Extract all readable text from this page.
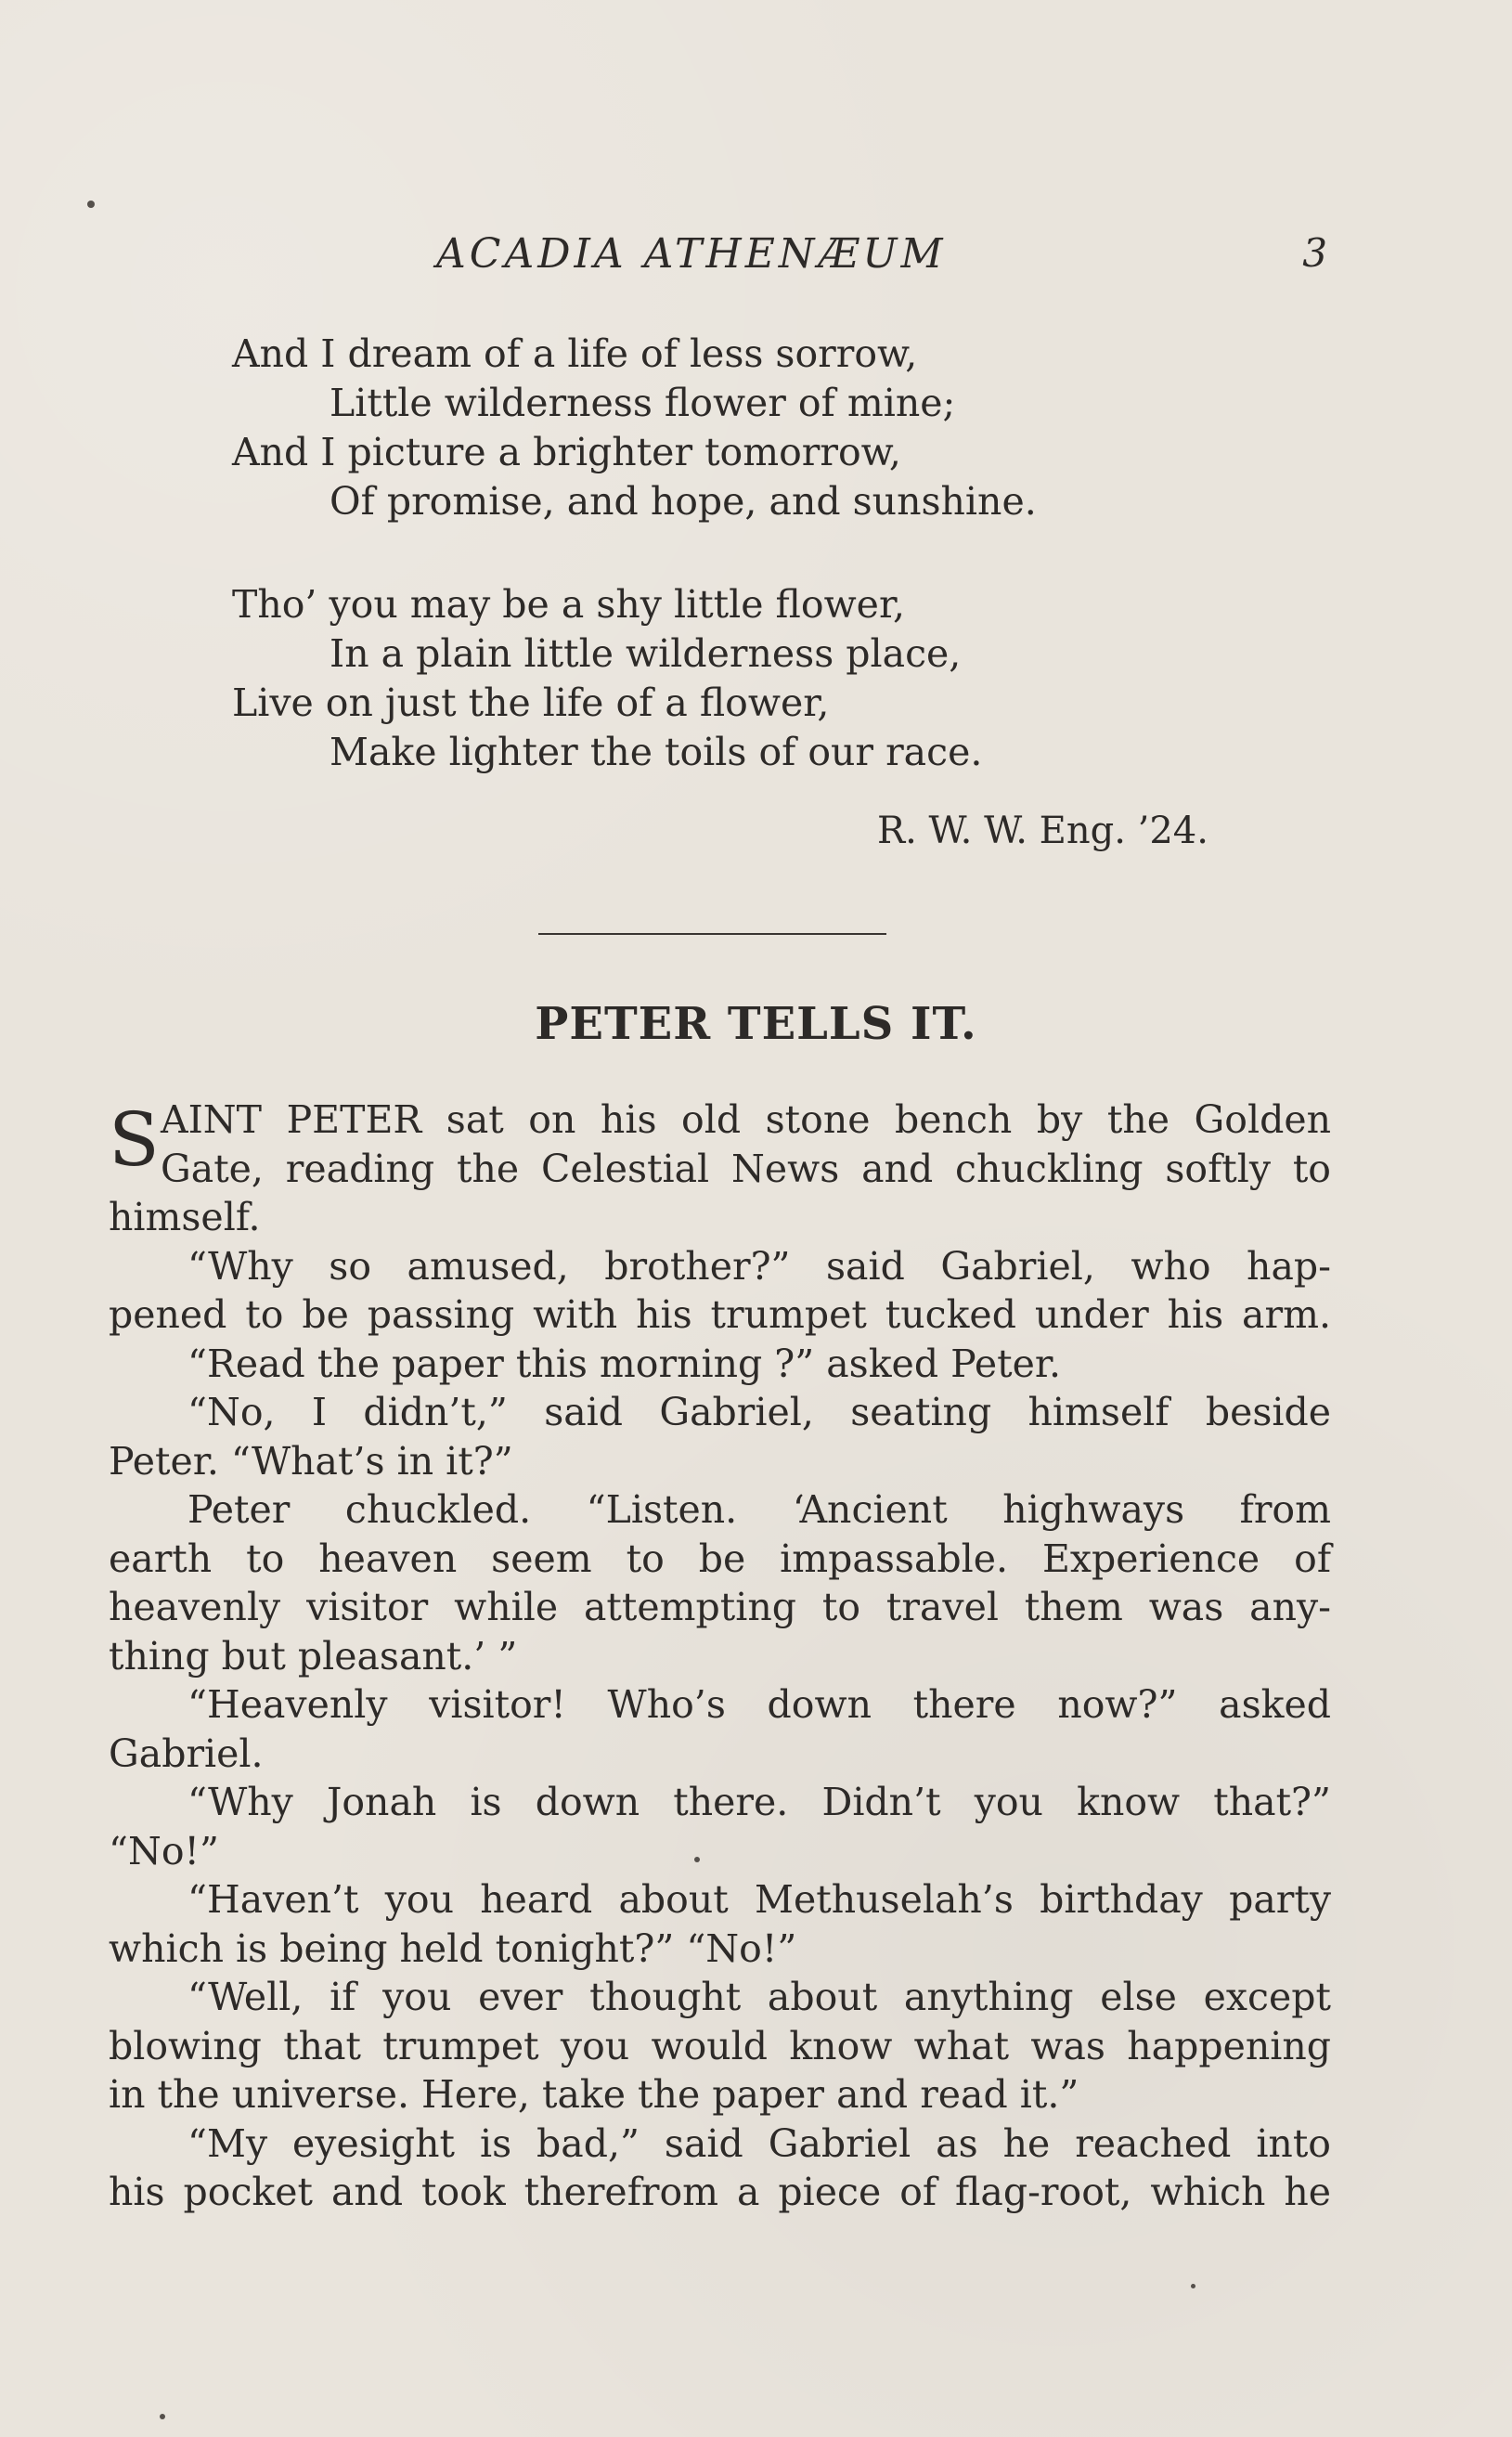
ACADIA ATHENÆUM	3
And I dream of a life of less sorrow,
Little wilderness flower of mine;
And I picture a brighter tomorrow,
Of promise, and hope, and sunshine.
Tho’ you may be a shy little flower,
In a plain little wilderness place,
Live on just the life of a flower,
Make lighter the toils of our race.
R. W. W. Eng. ’24.
PETER TELLS IT.
S AINT PETER sat on his old stone bench by the Golden
Gate, reading the Celestial News and chuckling softly to
himself.
“Why so amused, brother?” said Gabriel, who hap-
pened to be passing with his trumpet tucked under his arm.
“Read the paper this morning ?” asked Peter.
“No, I didn’t,” said Gabriel, seating himself beside
Peter. “What’s in it?”
Peter chuckled. “Listen. ‘Ancient highways from
earth to heaven seem to be impassable. Experience of
heavenly visitor while attempting to travel them was any-
thing but pleasant.’ ”
“Heavenly visitor! Who’s down there now?” asked
Gabriel.
“Why Jonah is down there. Didn’t you know that?”
“No!”
“Haven’t you heard about Methuselah’s birthday party
which is being held tonight?” “No!”
“Well, if you ever thought about anything else except
blowing that trumpet you would know what was happening
in the universe. Here, take the paper and read it.”
“My eyesight is bad,” said Gabriel as he reached into
his pocket and took therefrom a piece of flag-root, which he
